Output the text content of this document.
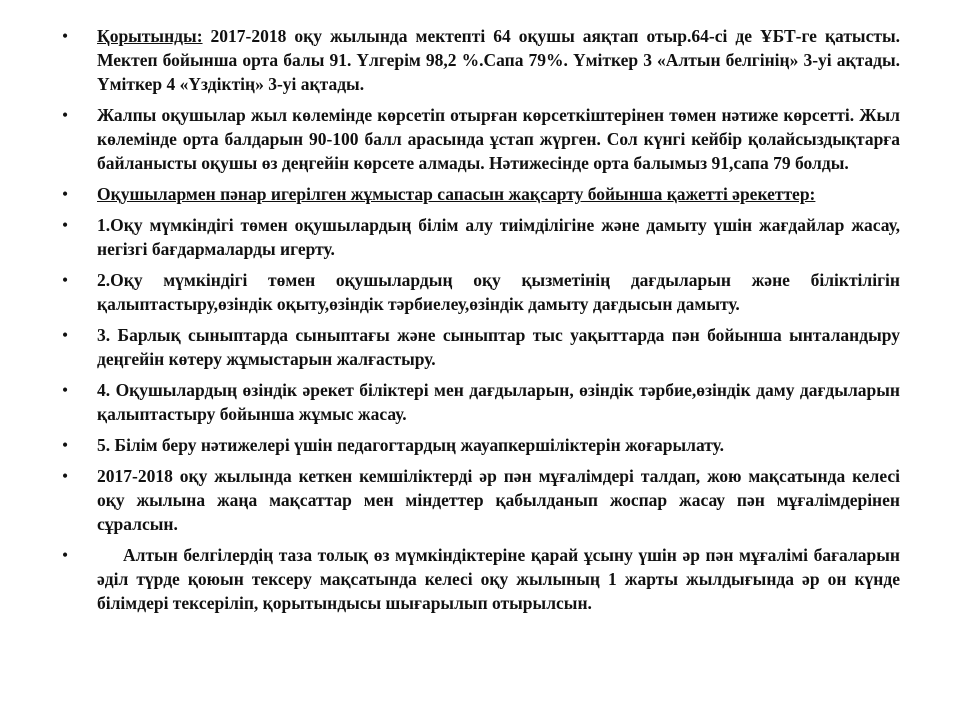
• Қорытынды: 2017-2018 оқу жылында мектепті 64 оқушы аяқтап отыр.64-сі де ҰБТ-ге қатысты. Мектеп бойынша орта балы 91. Үлгерім 98,2 %.Сапа 79%. Үміткер 3 «Алтын белгінің» 3-уі ақтады. Үміткер 4 «Үздіктің» 3-уі ақтады.
• Жалпы оқушылар жыл көлемінде көрсетіп отырған көрсеткіштерінен төмен нәтиже көрсетті. Жыл көлемінде орта балдарын 90-100 балл арасында ұстап жүрген. Сол күнгі кейбір қолайсыздықтарға байланысты оқушы өз деңгейін көрсете алмады. Нәтижесінде орта балымыз 91,сапа 79 болды.
• Оқушылармен пәнар игерілген жұмыстар сапасын жақсарту бойынша қажетті әрекеттер:
• 1.Оқу мүмкіндігі төмен оқушылардың білім алу тиімділігіне және дамыту үшін жағдайлар жасау, негізгі бағдармаларды игерту.
• 2.Оқу мүмкіндігі төмен оқушылардың оқу қызметінің дағдыларын және біліктілігін қалыптастыру,өзіндік оқыту,өзіндік тәрбиелеу,өзіндік дамыту дағдысын дамыту.
• 3. Барлық сыныптарда сыныптағы және сыныптар тыс уақыттарда пән бойынша ынталандыру деңгейін көтеру жұмыстарын жалғастыру.
• 4. Оқушылардың өзіндік әрекет біліктері мен дағдыларын, өзіндік тәрбие,өзіндік даму дағдыларын қалыптастыру бойынша жұмыс жасау.
• 5. Білім беру нәтижелері үшін педагогтардың жауапкершіліктерін жоғарылату.
• 2017-2018 оқу жылында кеткен кемшіліктерді әр пән мұғалімдері талдап, жою мақсатында келесі оқу жылына жаңа мақсаттар мен міндеттер қабылданып жоспар жасау пән мұғалімдерінен сұралсын.
•	Алтын белгілердің таза толық өз мүмкіндіктеріне қарай ұсыну үшін әр пән мұғалімі бағаларын әділ түрде қоюын тексеру мақсатында келесі оқу жылының 1 жарты жылдығында әр он күнде білімдері тексеріліп, қорытындысы шығарылып отырылсын.
